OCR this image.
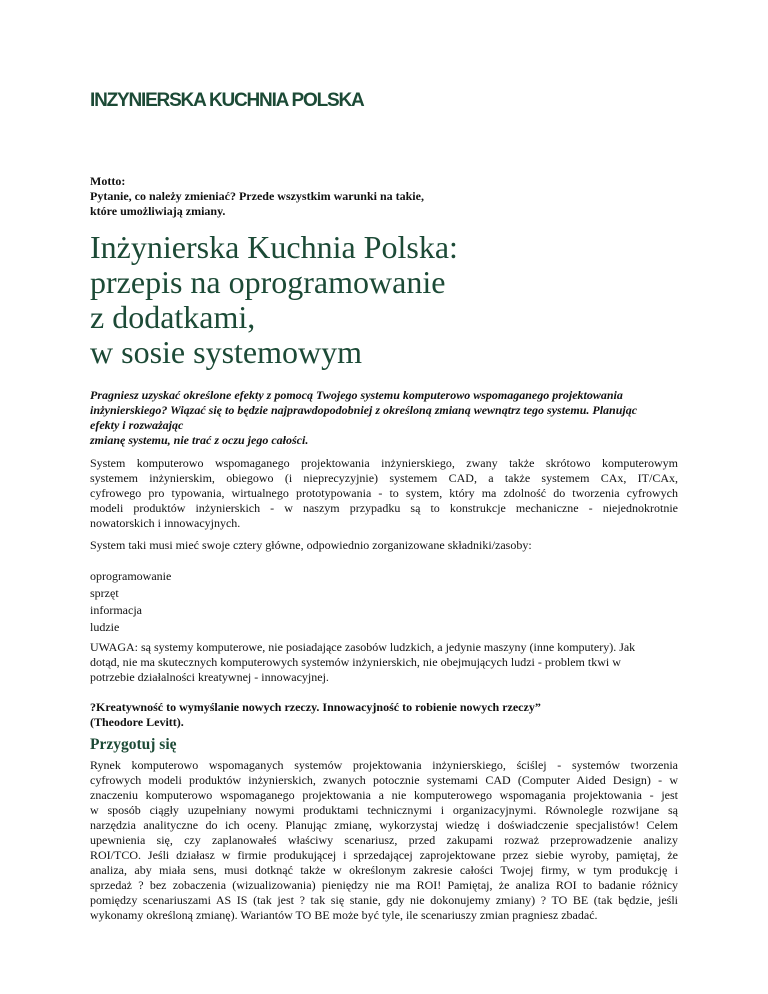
INZYNIERSKA KUCHNIA POLSKA
Motto:
Pytanie, co należy zmieniać? Przede wszystkim warunki na takie,
które umożliwiają zmiany.
Inżynierska Kuchnia Polska:
przepis na oprogramowanie
z dodatkami,
w sosie systemowym
Pragniesz uzyskać określone efekty z pomocą Twojego systemu komputerowo wspomaganego projektowania
inżynierskiego? Wiązać się to będzie najprawdopodobniej z określoną zmianą wewnątrz tego systemu. Planując
efekty i rozważając
zmianę systemu, nie trać z oczu jego całości.

System komputerowo wspomaganego projektowania inżynierskiego, zwany także skrótowo komputerowym
systemem inżynierskim, obiegowo (i nieprecyzyjnie) systemem CAD, a także systemem CAx, IT/CAx,
cyfrowego pro typowania, wirtualnego prototypowania - to system, który ma zdolność do tworzenia cyfrowych
modeli produktów inżynierskich - w naszym przypadku są to konstrukcje mechaniczne - niejednokrotnie
nowatorskich i innowacyjnych.

System taki musi mieć swoje cztery główne, odpowiednio zorganizowane składniki/zasoby:

oprogramowanie
sprzęt
informacja
ludzie

UWAGA: są systemy komputerowe, nie posiadające zasobów ludzkich, a jedynie maszyny (inne komputery). Jak
dotąd, nie ma skutecznych komputerowych systemów inżynierskich, nie obejmujących ludzi - problem tkwi w
potrzebie działalności kreatywnej - innowacyjnej.

?Kreatywność to wymyślanie nowych rzeczy. Innowacyjność to robienie nowych rzeczy”
(Theodore Levitt).
Przygotuj się

Rynek komputerowo wspomaganych systemów projektowania inżynierskiego, ściślej - systemów tworzenia
cyfrowych modeli produktów inżynierskich, zwanych potocznie systemami CAD (Computer Aided Design) - w
znaczeniu komputerowo wspomaganego projektowania a nie komputerowego wspomagania projektowania - jest
w sposób ciągły uzupełniany nowymi produktami technicznymi i organizacyjnymi. Równolegle rozwijane są
narzędzia analityczne do ich oceny. Planując zmianę, wykorzystaj wiedzę i doświadczenie specjalistów! Celem
upewnienia się, czy zaplanowałeś właściwy scenariusz, przed zakupami rozważ przeprowadzenie analizy
ROI/TCO. Jeśli działasz w firmie produkującej i sprzedającej zaprojektowane przez siebie wyroby, pamiętaj, że
analiza, aby miała sens, musi dotknąć także w określonym zakresie całości Twojej firmy, w tym produkcję i
sprzedaż ? bez zobaczenia (wizualizowania) pieniędzy nie ma ROI! Pamiętaj, że analiza ROI to badanie różnicy
pomiędzy scenariuszami AS IS (tak jest ? tak się stanie, gdy nie dokonujemy zmiany) ? TO BE (tak będzie, jeśli
wykonamy określoną zmianę). Wariantów TO BE może być tyle, ile scenariuszy zmian pragniesz zbadać.
